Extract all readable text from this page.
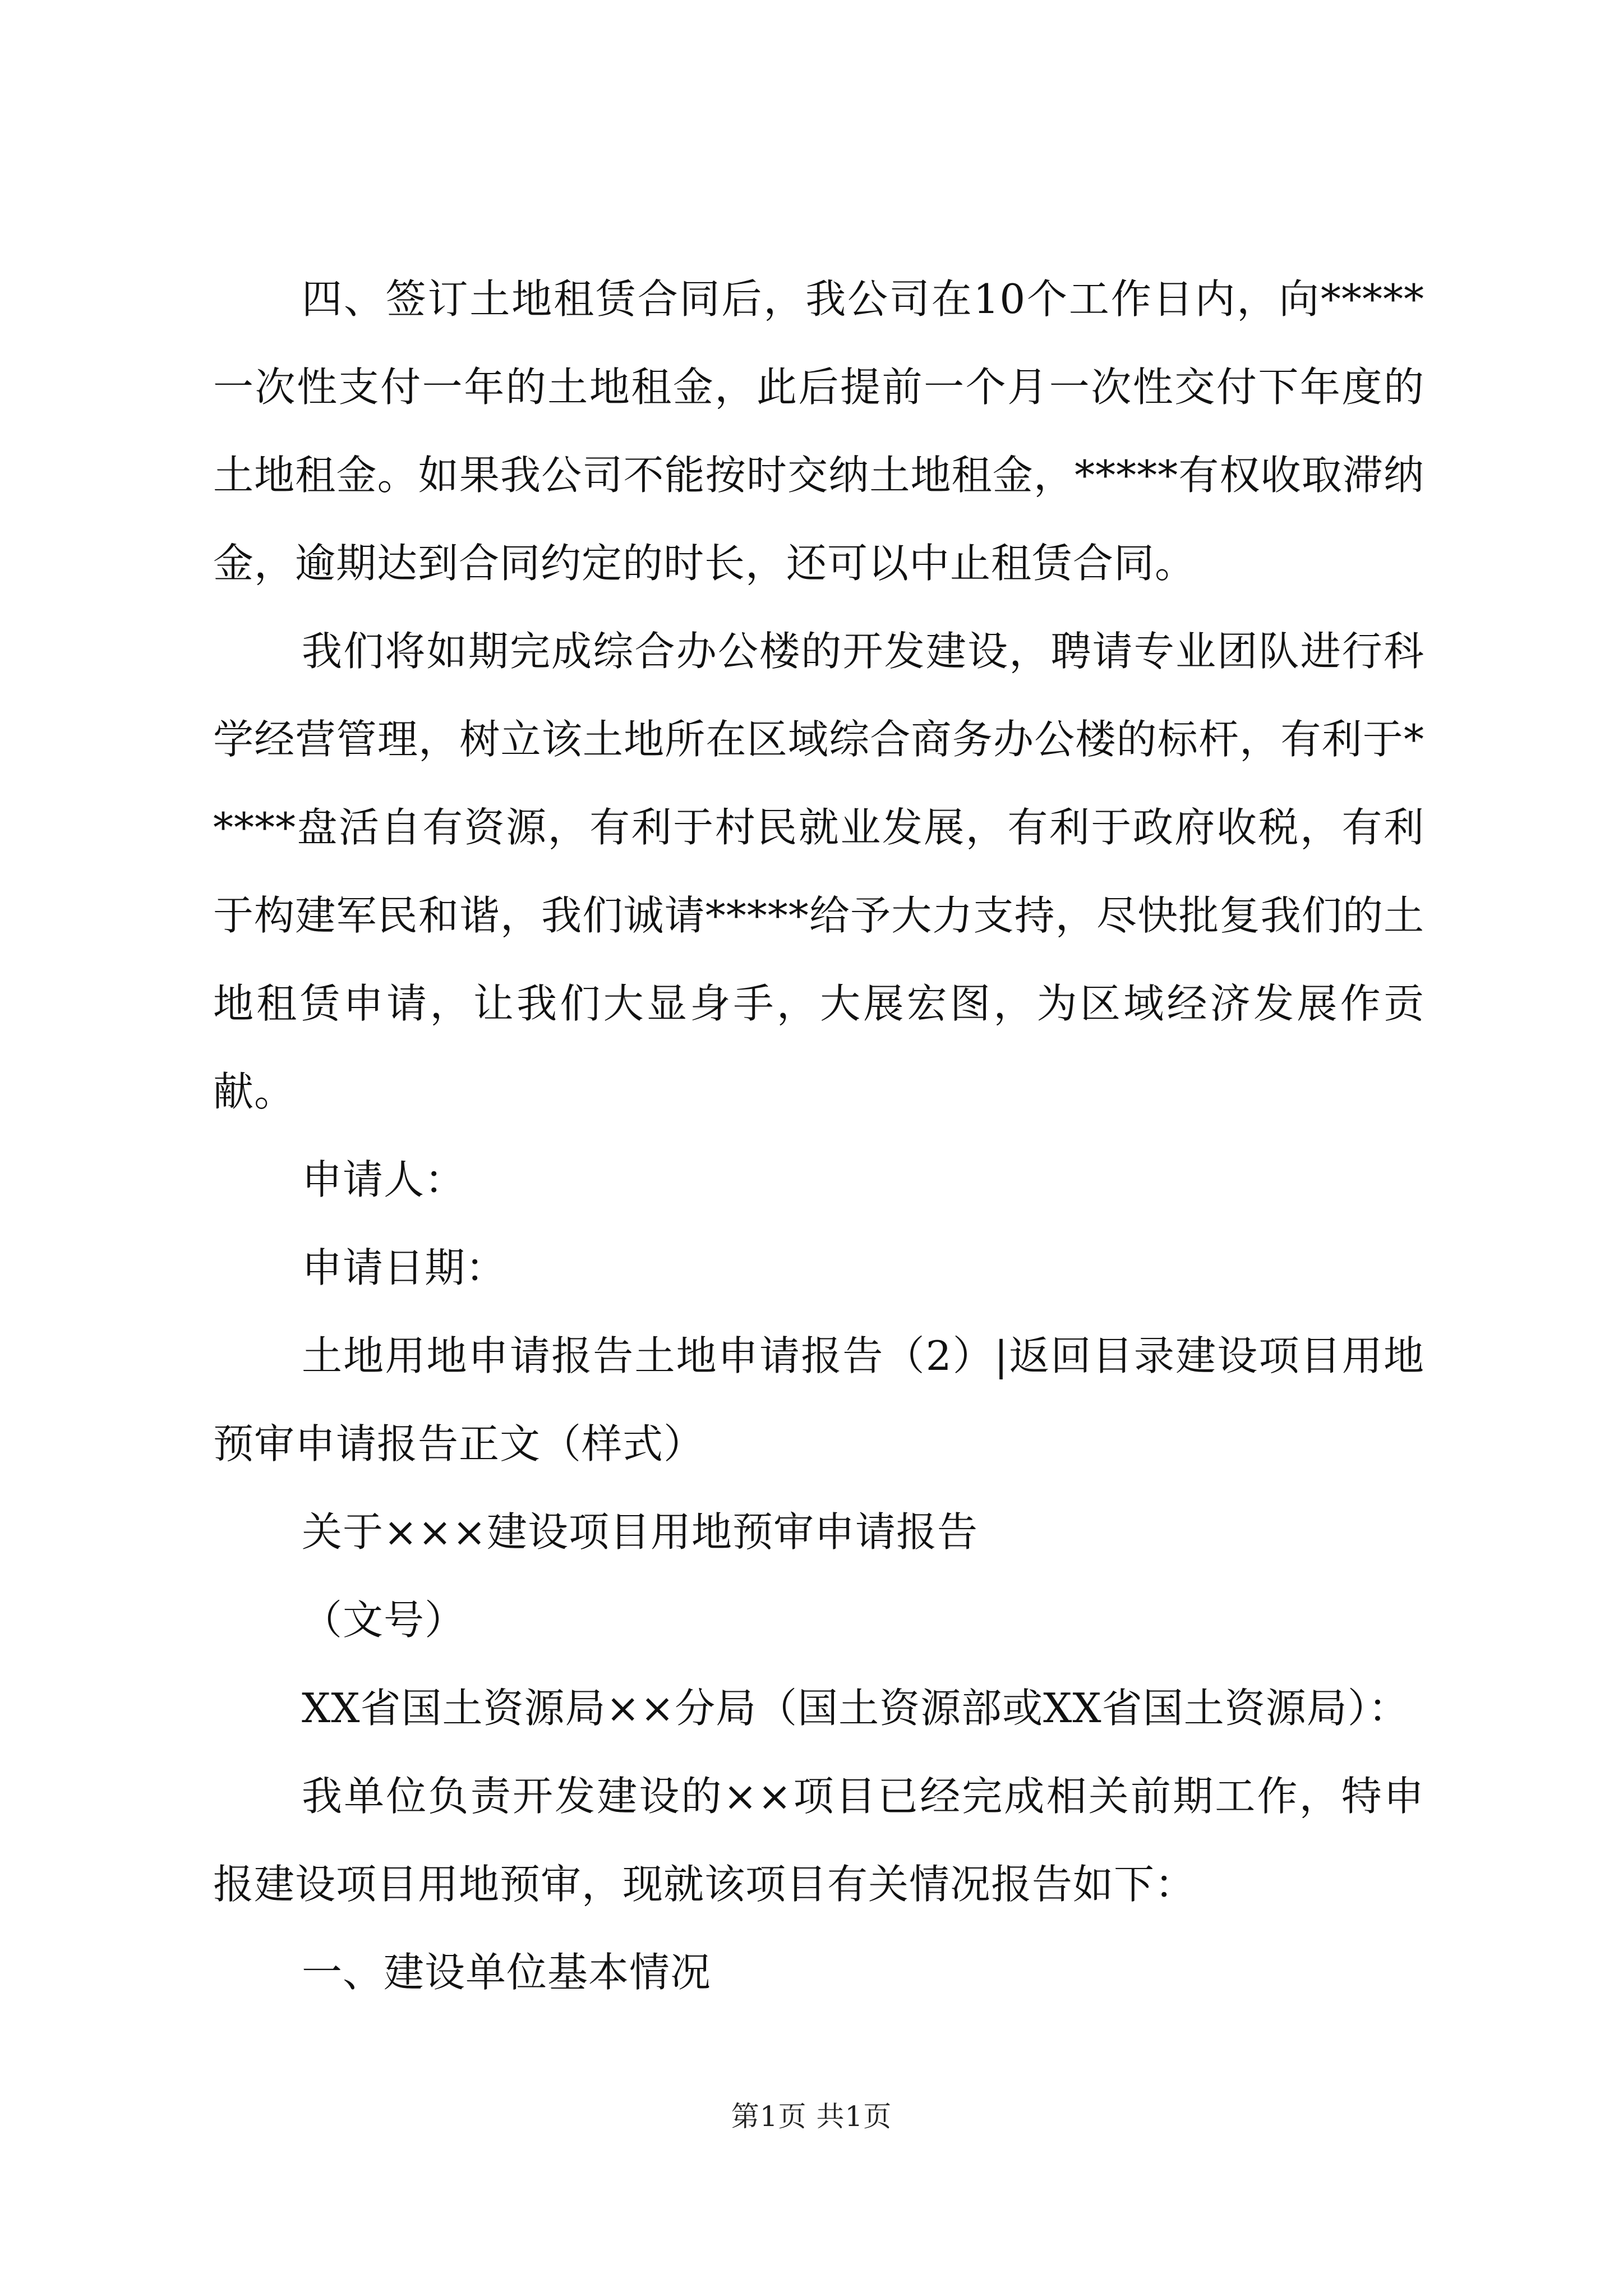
四、签订土地租赁合同后，我公司在10个工作日内，向*****一次性支付一年的土地租金，此后提前一个月一次性交付下年度的土地租金。如果我公司不能按时交纳土地租金，*****有权收取滞纳金，逾期达到合同约定的时长，还可以中止租赁合同。

我们将如期完成综合办公楼的开发建设，聘请专业团队进行科学经营管理，树立该土地所在区域综合商务办公楼的标杆，有利于*****盘活自有资源，有利于村民就业发展，有利于政府收税，有利于构建军民和谐，我们诚请*****给予大力支持，尽快批复我们的土地租赁申请，让我们大显身手，大展宏图，为区域经济发展作贡献。

申请人：

申请日期：

土地用地申请报告土地申请报告（2）|返回目录建设项目用地预审申请报告正文（样式）

关于×××建设项目用地预审申请报告

（文号）

XX省国土资源局××分局（国土资源部或XX省国土资源局）：

我单位负责开发建设的××项目已经完成相关前期工作，特申报建设项目用地预审，现就该项目有关情况报告如下：

一、建设单位基本情况

第1页 共1页
